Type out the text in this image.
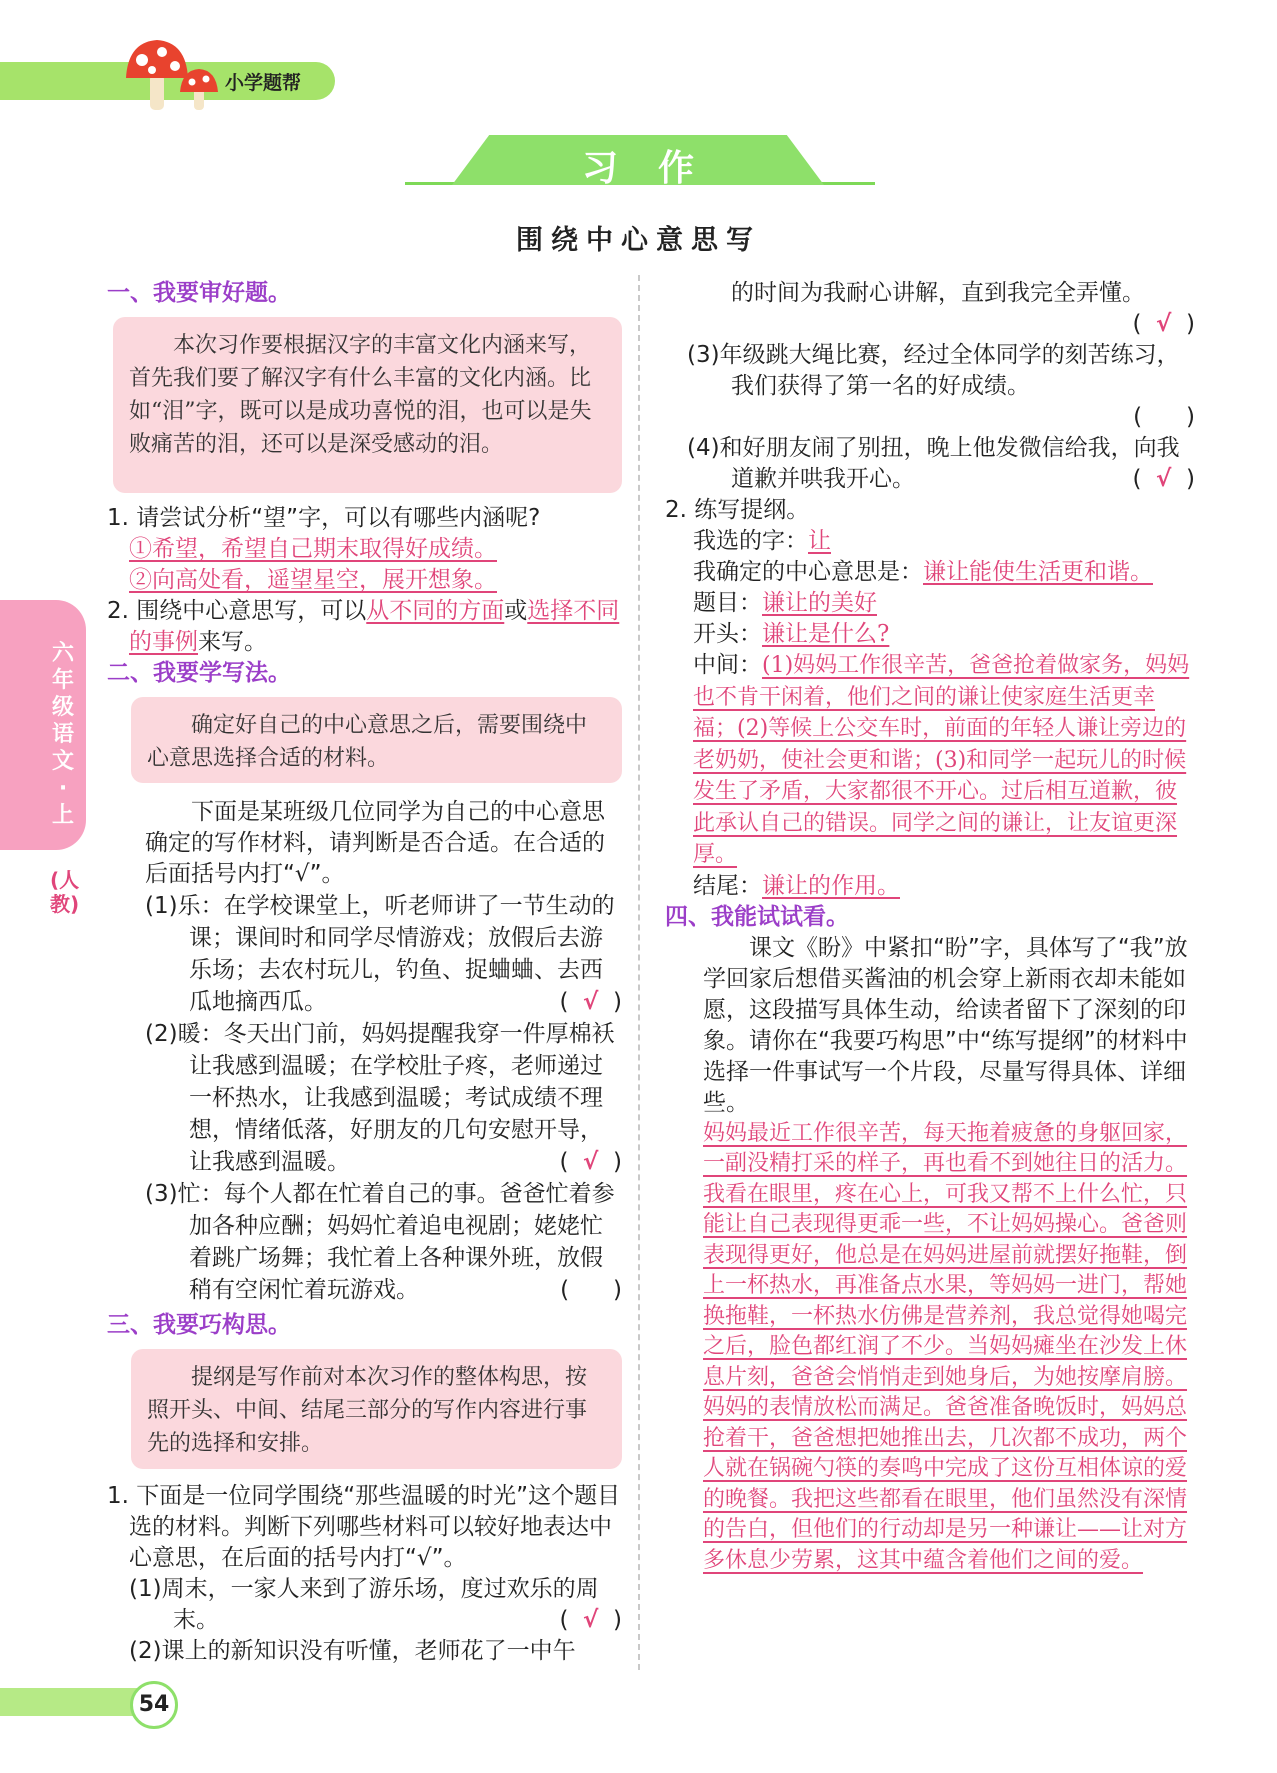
小学题帮
习作
围绕中心意思写
六年级语文·上
(人教)
一、我要审好题。
本次习作要根据汉字的丰富文化内涵来写，首先我们要了解汉字有什么丰富的文化内涵。比如“泪”字，既可以是成功喜悦的泪，也可以是失败痛苦的泪，还可以是深受感动的泪。
1. 请尝试分析“望”字，可以有哪些内涵呢?
①希望，希望自己期末取得好成绩。
②向高处看，遥望星空，展开想象。
2. 围绕中心意思写，可以从不同的方面或选择不同的事例来写。
二、我要学写法。
确定好自己的中心意思之后，需要围绕中心意思选择合适的材料。
下面是某班级几位同学为自己的中心意思确定的写作材料，请判断是否合适。在合适的后面括号内打“√”。
(1)乐：在学校课堂上，听老师讲了一节生动的课；课间时和同学尽情游戏；放假后去游乐场；去农村玩儿，钓鱼、捉蛐蛐、去西瓜地摘西瓜。	(  √  )
(2)暖：冬天出门前，妈妈提醒我穿一件厚棉袄让我感到温暖；在学校肚子疼，老师递过一杯热水，让我感到温暖；考试成绩不理想，情绪低落，好朋友的几句安慰开导，让我感到温暖。	(  √  )
(3)忙：每个人都在忙着自己的事。爸爸忙着参加各种应酬；妈妈忙着追电视剧；姥姥忙着跳广场舞；我忙着上各种课外班，放假稍有空闲忙着玩游戏。	(      )
三、我要巧构思。
提纲是写作前对本次习作的整体构思，按照开头、中间、结尾三部分的写作内容进行事先的选择和安排。
1. 下面是一位同学围绕“那些温暖的时光”这个题目选的材料。判断下列哪些材料可以较好地表达中心意思，在后面的括号内打“√”。
(1)周末，一家人来到了游乐场，度过欢乐的周末。	(  √  )
(2)课上的新知识没有听懂，老师花了一中午
的时间为我耐心讲解，直到我完全弄懂。

(  √  )
(3)年级跳大绳比赛，经过全体同学的刻苦练习，我们获得了第一名的好成绩。

(      )
(4)和好朋友闹了别扭，晚上他发微信给我，向我道歉并哄我开心。	(  √  )
2. 练写提纲。
我选的字：让
我确定的中心意思是：谦让能使生活更和谐。
题目：谦让的美好
开头：谦让是什么?
中间：(1)妈妈工作很辛苦，爸爸抢着做家务，妈妈也不肯干闲着，他们之间的谦让使家庭生活更幸福；(2)等候上公交车时，前面的年轻人谦让旁边的老奶奶，使社会更和谐；(3)和同学一起玩儿的时候发生了矛盾，大家都很不开心。过后相互道歉，彼此承认自己的错误。同学之间的谦让，让友谊更深厚。
结尾：谦让的作用。
四、我能试试看。
课文《盼》中紧扣“盼”字，具体写了“我”放学回家后想借买酱油的机会穿上新雨衣却未能如愿，这段描写具体生动，给读者留下了深刻的印象。请你在“我要巧构思”中“练写提纲”的材料中选择一件事试写一个片段，尽量写得具体、详细些。
妈妈最近工作很辛苦，每天拖着疲惫的身躯回家，一副没精打采的样子，再也看不到她往日的活力。我看在眼里，疼在心上，可我又帮不上什么忙，只能让自己表现得更乖一些，不让妈妈操心。爸爸则表现得更好，他总是在妈妈进屋前就摆好拖鞋，倒上一杯热水，再准备点水果，等妈妈一进门，帮她换拖鞋，一杯热水仿佛是营养剂，我总觉得她喝完之后，脸色都红润了不少。当妈妈瘫坐在沙发上休息片刻，爸爸会悄悄走到她身后，为她按摩肩膀。妈妈的表情放松而满足。爸爸准备晚饭时，妈妈总抢着干，爸爸想把她推出去，几次都不成功，两个人就在锅碗勺筷的奏鸣中完成了这份互相体谅的爱的晚餐。我把这些都看在眼里，他们虽然没有深情的告白，但他们的行动却是另一种谦让——让对方多休息少劳累，这其中蕴含着他们之间的爱。
54
